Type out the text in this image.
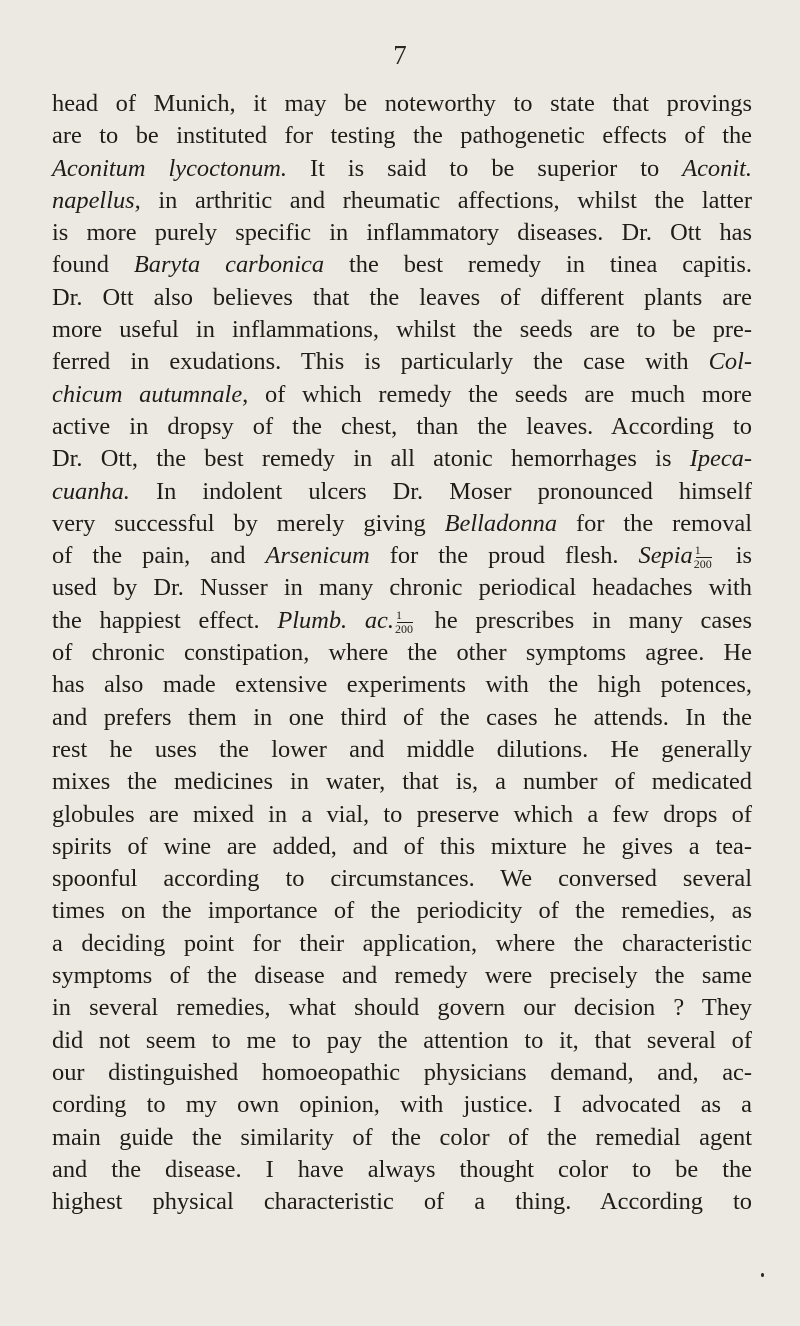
7
head of Munich, it may be noteworthy to state that provings
are to be instituted for testing the pathogenetic effects of the
Aconitum lycoctonum. It is said to be superior to Aconit.
napellus, in arthritic and rheumatic affections, whilst the latter
is more purely specific in inflammatory diseases. Dr. Ott has
found Baryta carbonica the best remedy in tinea capitis.
Dr. Ott also believes that the leaves of different plants are
more useful in inflammations, whilst the seeds are to be pre-
ferred in exudations. This is particularly the case with Col-
chicum autumnale, of which remedy the seeds are much more
active in dropsy of the chest, than the leaves. According to
Dr. Ott, the best remedy in all atonic hemorrhages is Ipeca-
cuanha. In indolent ulcers Dr. Moser pronounced himself
very successful by merely giving Belladonna for the removal
of the pain, and Arsenicum for the proud flesh. Sepia $\frac{1}{200}$ is
used by Dr. Nusser in many chronic periodical headaches with
the happiest effect. Plumb. ac. $\frac{1}{200}$ he prescribes in many cases
of chronic constipation, where the other symptoms agree. He
has also made extensive experiments with the high potences,
and prefers them in one third of the cases he attends. In the
rest he uses the lower and middle dilutions. He generally
mixes the medicines in water, that is, a number of medicated
globules are mixed in a vial, to preserve which a few drops of
spirits of wine are added, and of this mixture he gives a tea-
spoonful according to circumstances. We conversed several
times on the importance of the periodicity of the remedies, as
a deciding point for their application, where the characteristic
symptoms of the disease and remedy were precisely the same
in several remedies, what should govern our decision ? They
did not seem to me to pay the attention to it, that several of
our distinguished homoeopathic physicians demand, and, ac-
cording to my own opinion, with justice. I advocated as a
main guide the similarity of the color of the remedial agent
and the disease. I have always thought color to be the
highest physical characteristic of a thing. According to
